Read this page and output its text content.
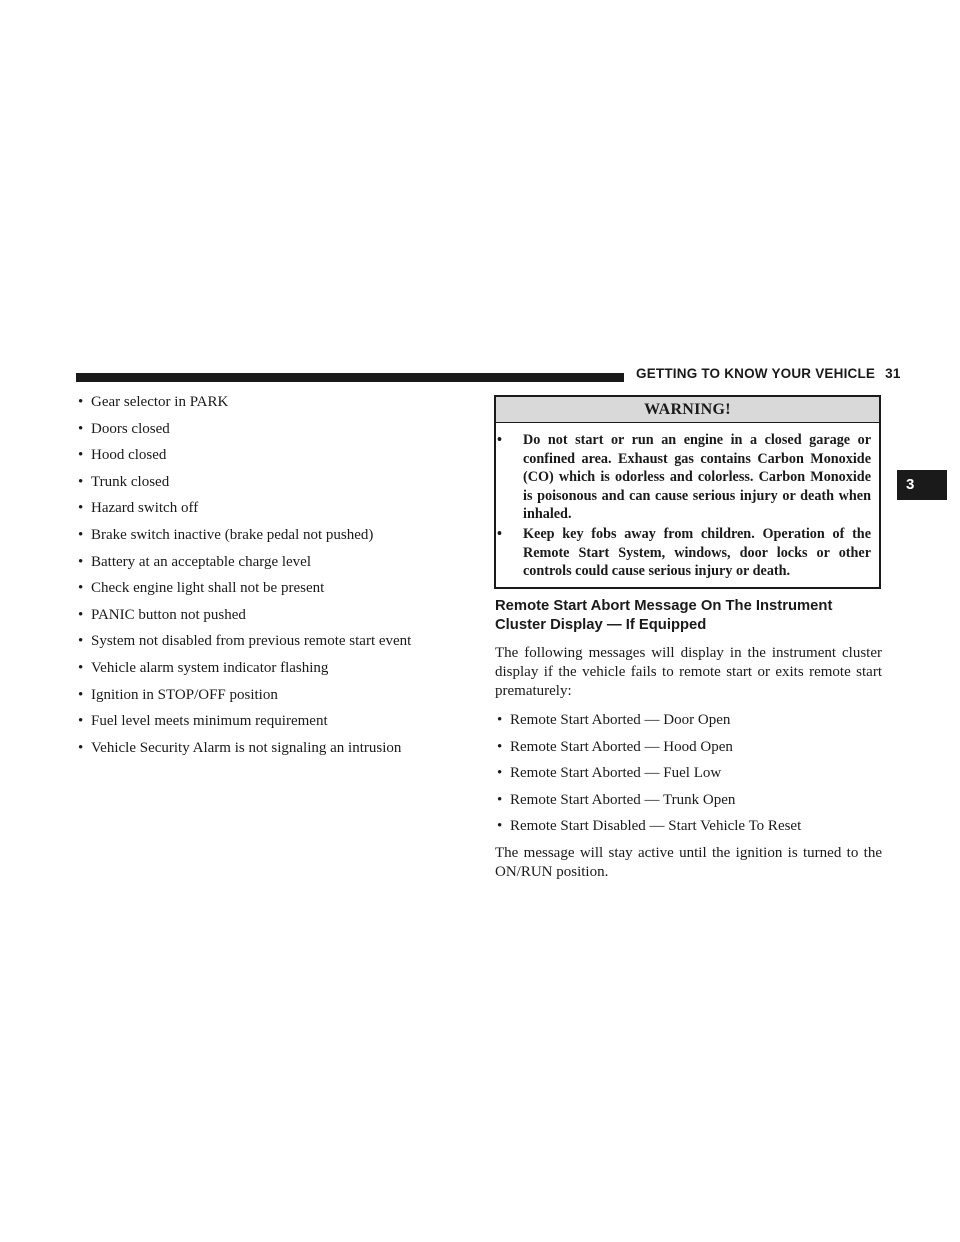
GETTING TO KNOW YOUR VEHICLE 31
3
• Gear selector in PARK
• Doors closed
• Hood closed
• Trunk closed
• Hazard switch off
• Brake switch inactive (brake pedal not pushed)
• Battery at an acceptable charge level
• Check engine light shall not be present
• PANIC button not pushed
• System not disabled from previous remote start event
• Vehicle alarm system indicator flashing
• Ignition in STOP/OFF position
• Fuel level meets minimum requirement
• Vehicle Security Alarm is not signaling an intrusion
WARNING!
• Do not start or run an engine in a closed garage or confined area. Exhaust gas contains Carbon Monoxide (CO) which is odorless and colorless. Carbon Monoxide is poisonous and can cause serious injury or death when inhaled.
• Keep key fobs away from children. Operation of the Remote Start System, windows, door locks or other controls could cause serious injury or death.
Remote Start Abort Message On The Instrument Cluster Display — If Equipped

The following messages will display in the instrument cluster display if the vehicle fails to remote start or exits remote start prematurely:

• Remote Start Aborted — Door Open
• Remote Start Aborted — Hood Open
• Remote Start Aborted — Fuel Low
• Remote Start Aborted — Trunk Open
• Remote Start Disabled — Start Vehicle To Reset

The message will stay active until the ignition is turned to the ON/RUN position.
